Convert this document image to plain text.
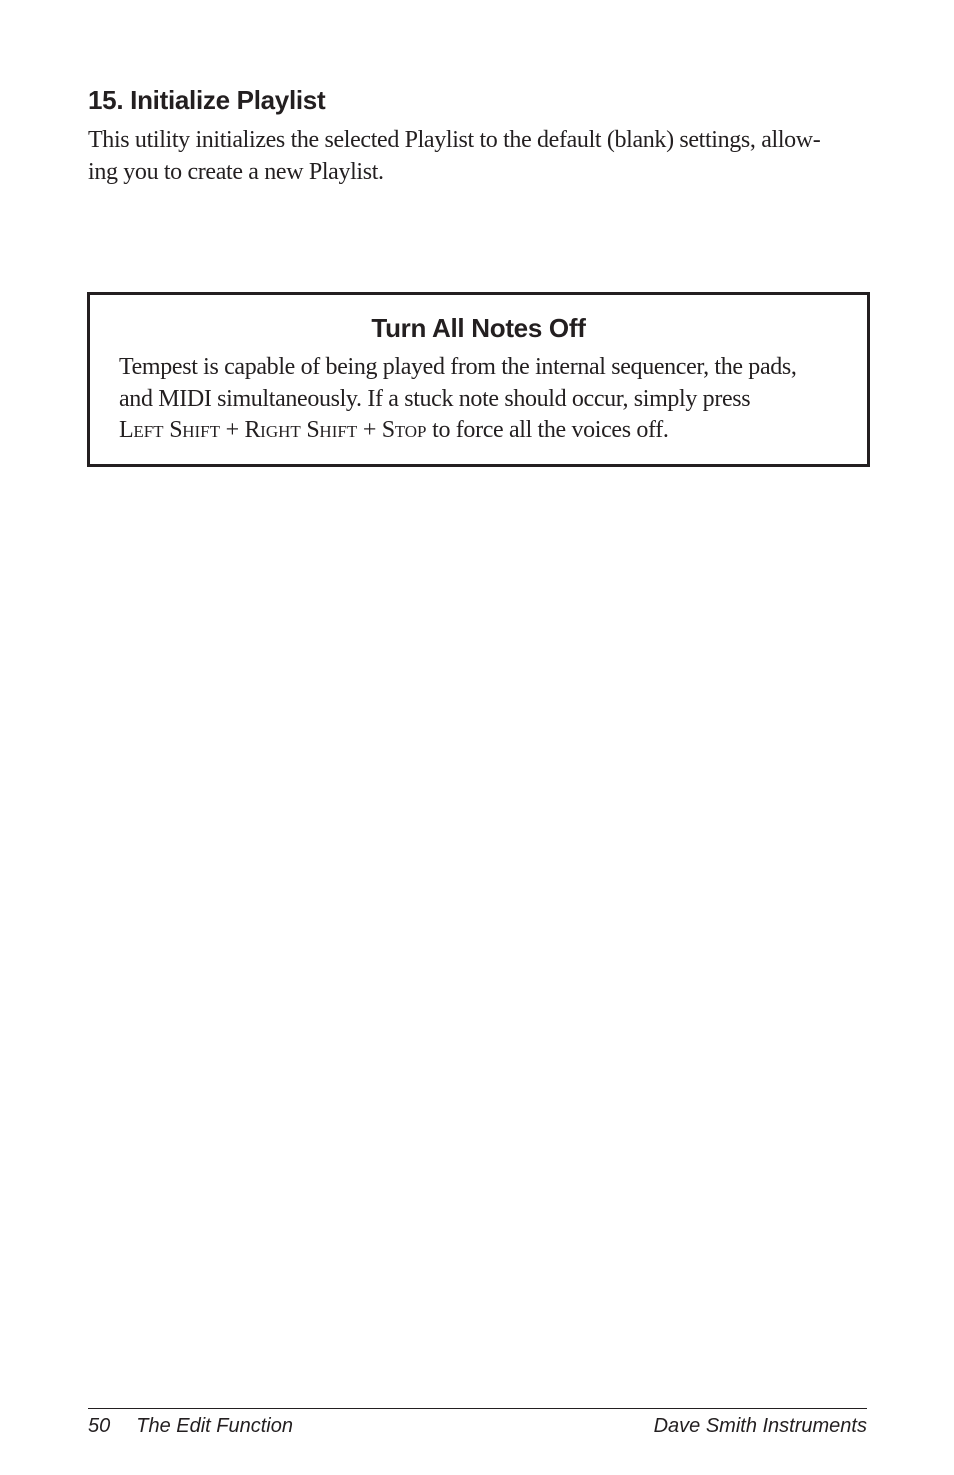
15. Initialize Playlist

This utility initializes the selected Playlist to the default (blank) settings, allow-
ing you to create a new Playlist.

Turn All Notes Off

Tempest is capable of being played from the internal sequencer, the pads,
and MIDI simultaneously. If a stuck note should occur, simply press
LEFT SHIFT + RIGHT SHIFT + STOP to force all the voices off.

50 The Edit Function	Dave Smith Instruments
